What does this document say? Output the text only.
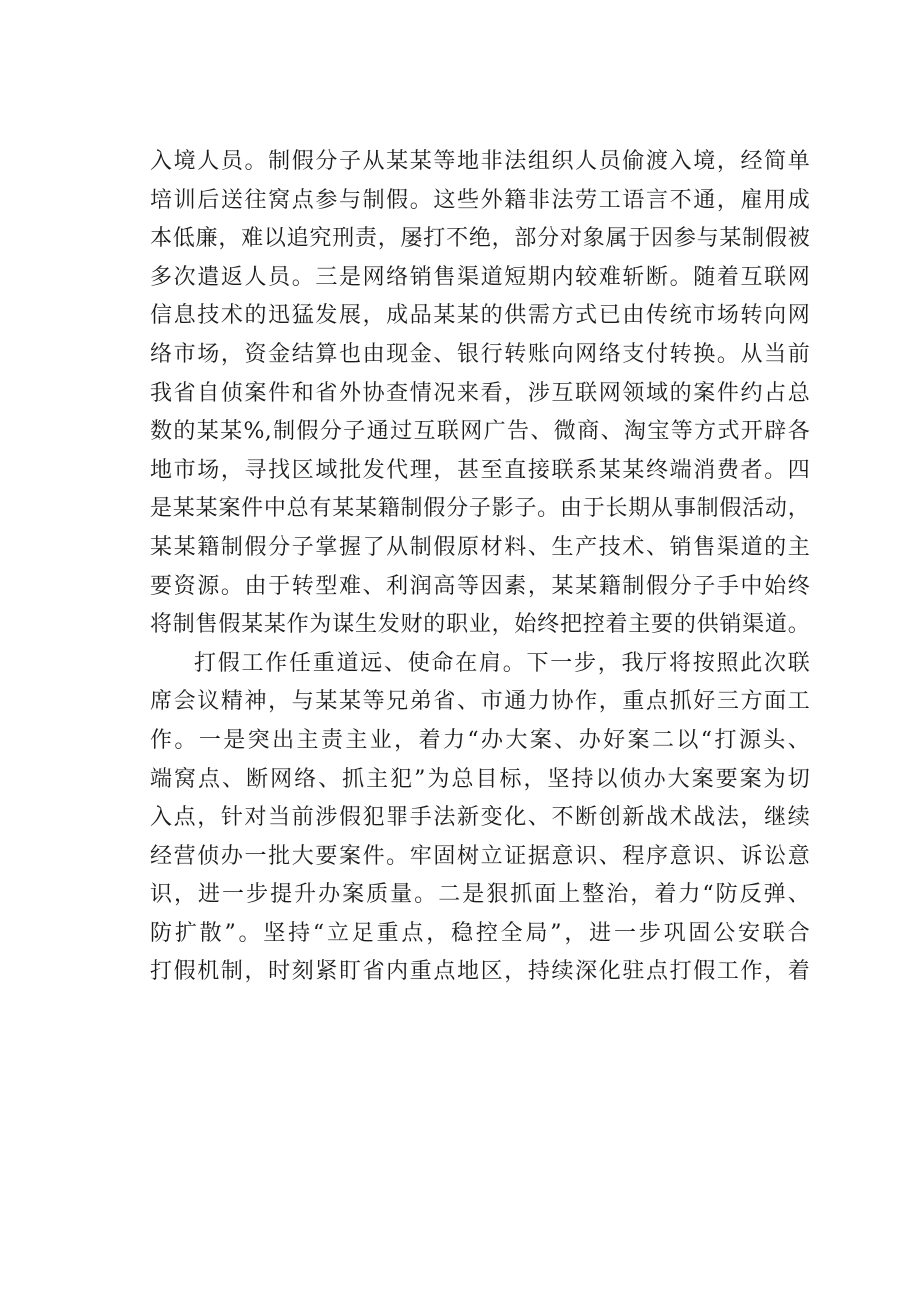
入境人员。制假分子从某某等地非法组织人员偷渡入境，经简单
培训后送往窝点参与制假。这些外籍非法劳工语言不通，雇用成
本低廉，难以追究刑责，屡打不绝，部分对象属于因参与某制假被
多次遣返人员。三是网络销售渠道短期内较难斩断。随着互联网
信息技术的迅猛发展，成品某某的供需方式已由传统市场转向网
络市场，资金结算也由现金、银行转账向网络支付转换。从当前
我省自侦案件和省外协查情况来看，涉互联网领域的案件约占总
数的某某%,制假分子通过互联网广告、微商、淘宝等方式开辟各
地市场，寻找区域批发代理，甚至直接联系某某终端消费者。四
是某某案件中总有某某籍制假分子影子。由于长期从事制假活动，
某某籍制假分子掌握了从制假原材料、生产技术、销售渠道的主
要资源。由于转型难、利润高等因素，某某籍制假分子手中始终
将制售假某某作为谋生发财的职业，始终把控着主要的供销渠道。
打假工作任重道远、使命在肩。下一步，我厅将按照此次联
席会议精神，与某某等兄弟省、市通力协作，重点抓好三方面工
作。一是突出主责主业，着力“办大案、办好案二以“打源头、
端窝点、断网络、抓主犯”为总目标，坚持以侦办大案要案为切
入点，针对当前涉假犯罪手法新变化、不断创新战术战法，继续
经营侦办一批大要案件。牢固树立证据意识、程序意识、诉讼意
识，进一步提升办案质量。二是狠抓面上整治，着力“防反弹、
防扩散”。坚持“立足重点，稳控全局”，进一步巩固公安联合
打假机制，时刻紧盯省内重点地区，持续深化驻点打假工作，着
